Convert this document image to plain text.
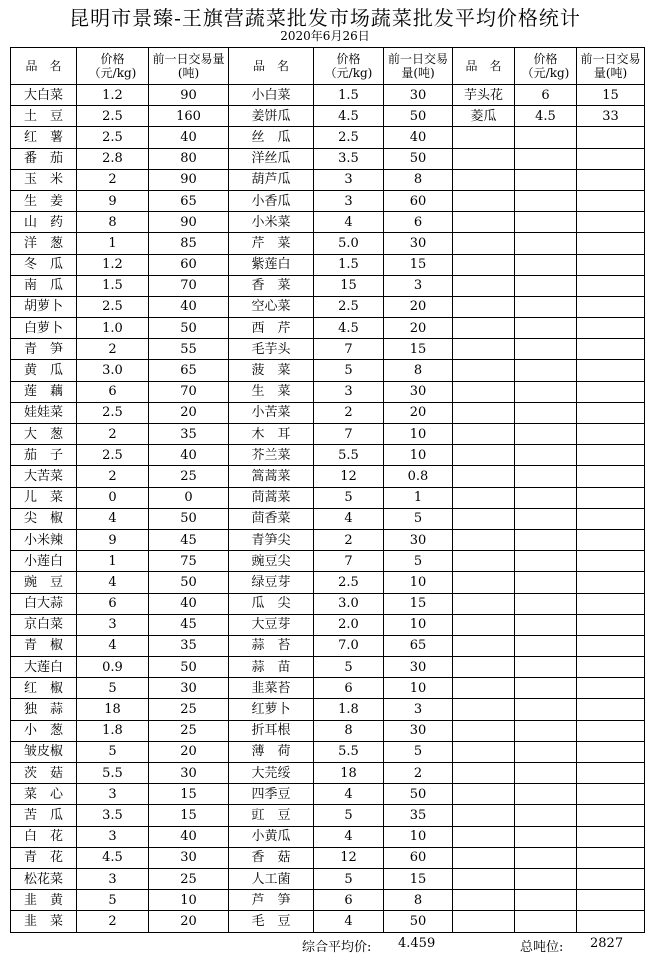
昆明市景臻-王旗营蔬菜批发市场蔬菜批发平均价格统计
2020年6月26日
品　名	价格（元/kg)	前一日交易量(吨)	品　名	价格（元/kg)	前一日交易量(吨)	品　名	价格（元/kg)	前一日交易量(吨)
大白菜	1.2	90	小白菜	1.5	30	芋头花	6	15
土　豆	2.5	160	姜饼瓜	4.5	50	菱瓜	4.5	33
红　薯	2.5	40	丝　瓜	2.5	40			
番　茄	2.8	80	洋丝瓜	3.5	50			
玉　米	2	90	葫芦瓜	3	8			
生　姜	9	65	小香瓜	3	60			
山　药	8	90	小米菜	4	6			
洋　葱	1	85	芹　菜	5.0	30			
冬　瓜	1.2	60	紫莲白	1.5	15			
南　瓜	1.5	70	香　菜	15	3			
胡萝卜	2.5	40	空心菜	2.5	20			
白萝卜	1.0	50	西　芹	4.5	20			
青　笋	2	55	毛芋头	7	15			
黄　瓜	3.0	65	菠　菜	5	8			
莲　藕	6	70	生　菜	3	30			
娃娃菜	2.5	20	小苦菜	2	20			
大　葱	2	35	木　耳	7	10			
茄　子	2.5	40	芥兰菜	5.5	10			
大苦菜	2	25	篙蒿菜	12	0.8			
儿　菜	0	0	茼蒿菜	5	1			
尖　椒	4	50	茴香菜	4	5			
小米辣	9	45	青笋尖	2	30			
小莲白	1	75	豌豆尖	7	5			
豌　豆	4	50	绿豆芽	2.5	10			
白大蒜	6	40	瓜　尖	3.0	15			
京白菜	3	45	大豆芽	2.0	10			
青　椒	4	35	蒜　苔	7.0	65			
大莲白	0.9	50	蒜　苗	5	30			
红　椒	5	30	韭菜苔	6	10			
独　蒜	18	25	红萝卜	1.8	3			
小　葱	1.8	25	折耳根	8	30			
皱皮椒	5	20	薄　荷	5.5	5			
茨　菇	5.5	30	大芫绥	18	2			
菜　心	3	15	四季豆	4	50			
苦　瓜	3.5	15	豇　豆	5	35			
白　花	3	40	小黄瓜	4	10			
青　花	4.5	30	香　菇	12	60			
松花菜	3	25	人工菌	5	15			
韭　黄	5	10	芦　笋	6	8			
韭　菜	2	20	毛　豆	4	50			
综合平均价: 4.459	总吨位: 2827
